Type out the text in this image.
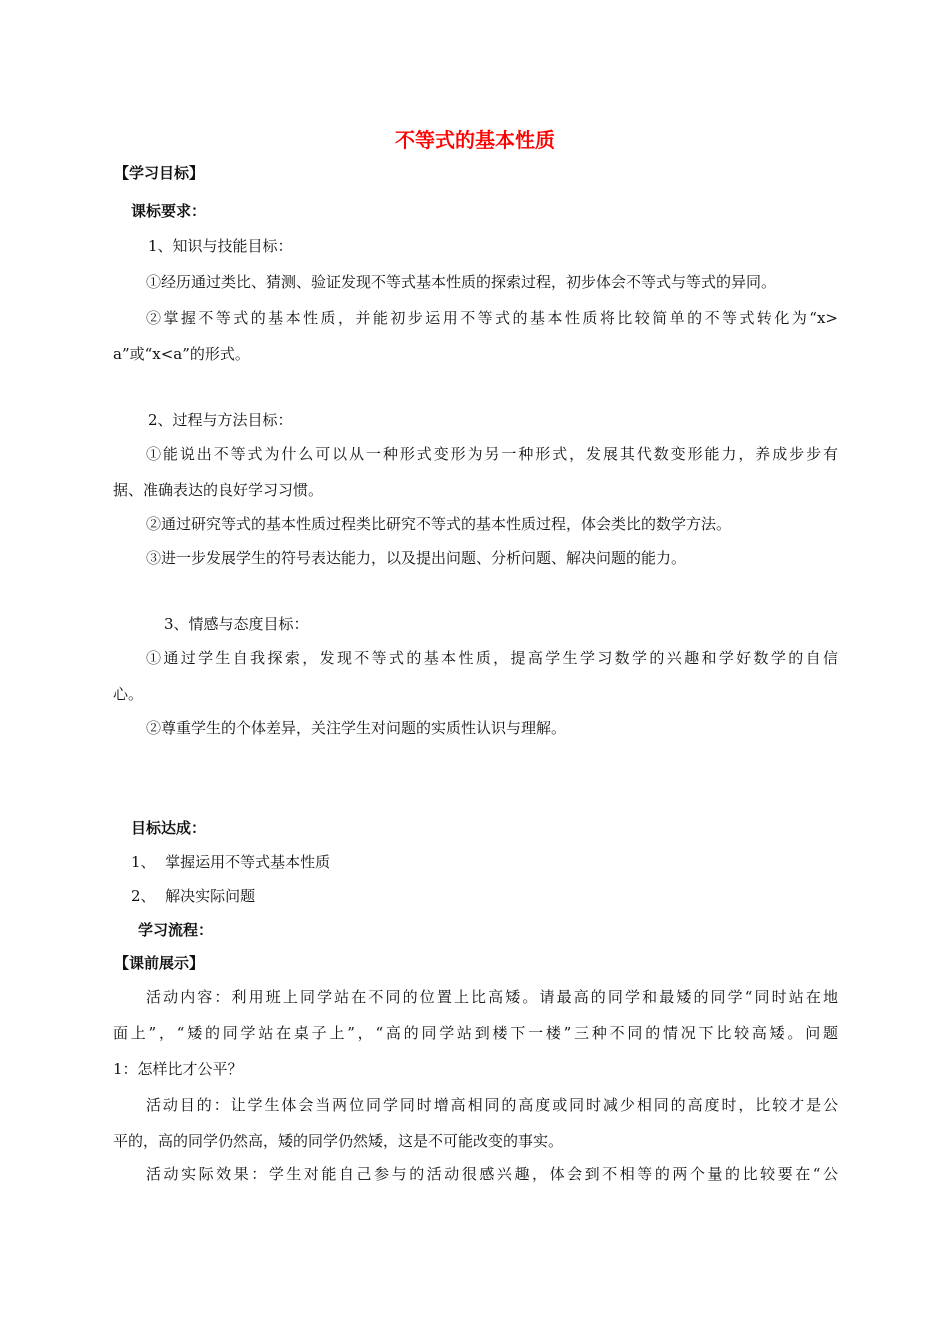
不等式的基本性质
【学习目标】
课标要求：
1、知识与技能目标：
①经历通过类比、猜测、验证发现不等式基本性质的探索过程，初步体会不等式与等式的异同。
②掌握不等式的基本性质，并能初步运用不等式的基本性质将比较简单的不等式转化为“x>
a”或“x<a”的形式。
2、过程与方法目标：
①能说出不等式为什么可以从一种形式变形为另一种形式，发展其代数变形能力，养成步步有
据、准确表达的良好学习习惯。
②通过研究等式的基本性质过程类比研究不等式的基本性质过程，体会类比的数学方法。
③进一步发展学生的符号表达能力，以及提出问题、分析问题、解决问题的能力。
3、情感与态度目标：
①通过学生自我探索，发现不等式的基本性质，提高学生学习数学的兴趣和学好数学的自信
心。
②尊重学生的个体差异，关注学生对问题的实质性认识与理解。
目标达成：
1、  掌握运用不等式基本性质
2、  解决实际问题
学习流程：
【课前展示】
活动内容：利用班上同学站在不同的位置上比高矮。请最高的同学和最矮的同学“同时站在地
面上”，“矮的同学站在桌子上”，“高的同学站到楼下一楼”三种不同的情况下比较高矮。问题
1：怎样比才公平？
活动目的：让学生体会当两位同学同时增高相同的高度或同时减少相同的高度时，比较才是公
平的，高的同学仍然高，矮的同学仍然矮，这是不可能改变的事实。
活动实际效果：学生对能自己参与的活动很感兴趣，体会到不相等的两个量的比较要在“公
